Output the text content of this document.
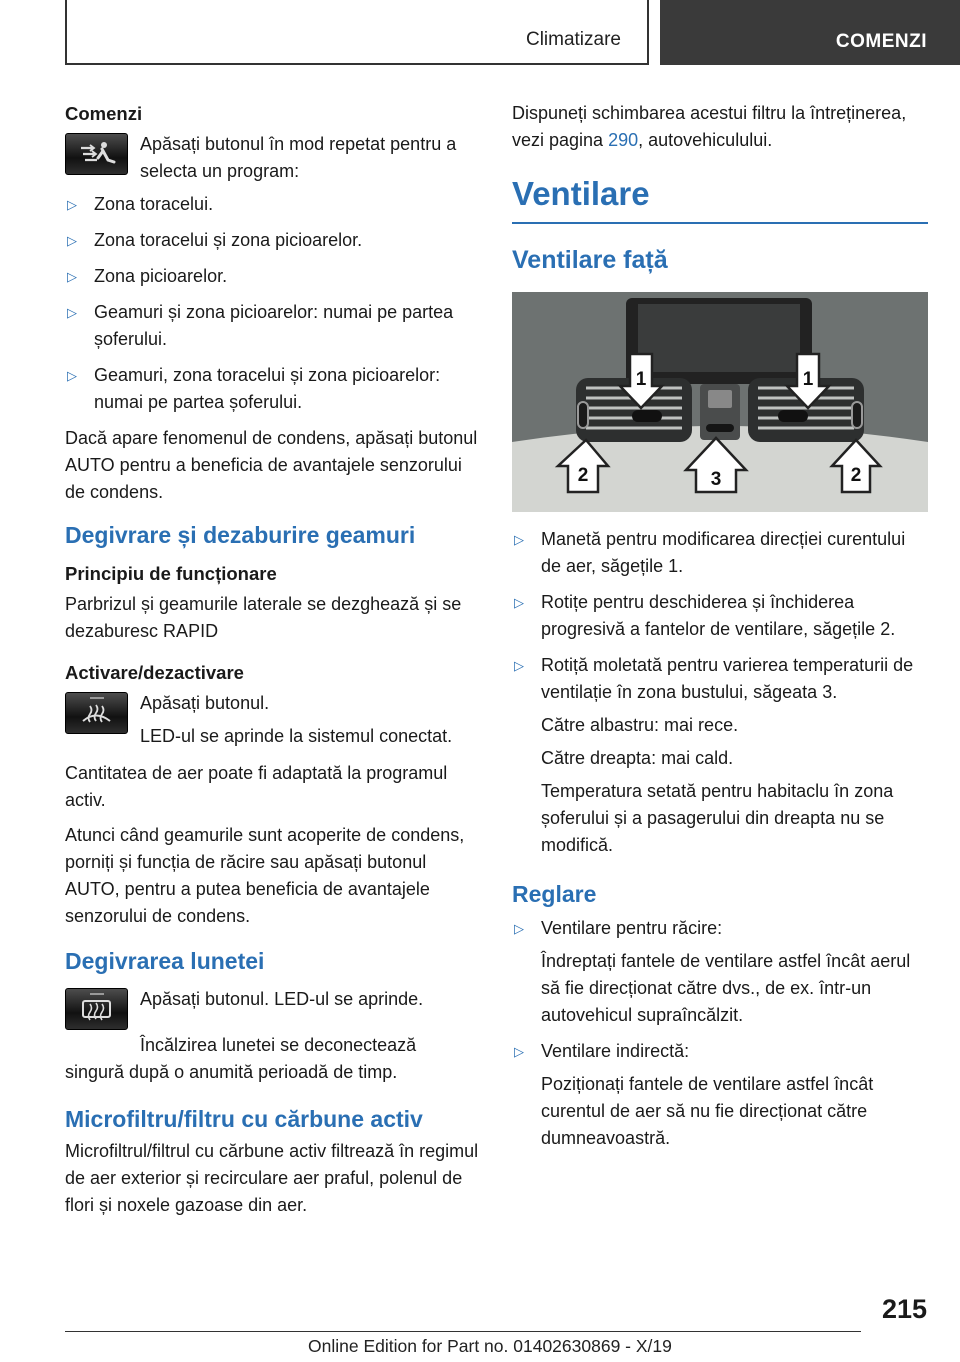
Climatizare	COMENZI
Comenzi
Apăsați butonul în mod repetat pentru a selecta un program:
▷ Zona toracelui.
▷ Zona toracelui și zona picioarelor.
▷ Zona picioarelor.
▷ Geamuri și zona picioarelor: numai pe partea șoferului.
▷ Geamuri, zona toracelui și zona picioarelor: numai pe partea șoferului.

Dacă apare fenomenul de condens, apăsați butonul AUTO pentru a beneficia de avantajele senzorului de condens.

Degivrare și dezaburire geamuri
Principiu de funcționare

Parbrizul și geamurile laterale se dezghează și se dezaburesc RAPID

Activare/dezactivare

Apăsați butonul.

LED-ul se aprinde la sistemul conectat.

Cantitatea de aer poate fi adaptată la programul activ.

Atunci când geamurile sunt acoperite de condens, porniți și funcția de răcire sau apăsați butonul AUTO, pentru a putea beneficia de avantajele senzorului de condens.

Degivrarea lunetei
Apăsați butonul. LED-ul se aprinde.

Încălzirea lunetei se deconectează singură după o anumită perioadă de timp.

Microfiltru/filtru cu cărbune activ

Microfiltrul/filtrul cu cărbune activ filtrează în regimul de aer exterior și recirculare aer praful, polenul de flori și noxele gazoase din aer.

Dispuneți schimbarea acestui filtru la întreținerea, vezi pagina 290, autovehiculului.

Ventilare
Ventilare față
1	1
2	3	2
▷ Manetă pentru modificarea direcției curentului de aer, săgețile 1.
▷ Rotițe pentru deschiderea și închiderea progresivă a fantelor de ventilare, săgețile 2.
▷ Rotiță moletată pentru varierea temperaturii de ventilație în zona bustului, săgeata 3.

Către albastru: mai rece.

Către dreapta: mai cald.

Temperatura setată pentru habitaclu în zona șoferului și a pasagerului din dreapta nu se modifică.

Reglare
▷ Ventilare pentru răcire:

Îndreptați fantele de ventilare astfel încât aerul să fie direcționat către dvs., de ex. într-un autovehicul supraîncălzit.

▷ Ventilare indirectă:

Poziționați fantele de ventilare astfel încât curentul de aer să nu fie direcționat către dumneavoastră.

215
Online Edition for Part no. 01402630869 - X/19
